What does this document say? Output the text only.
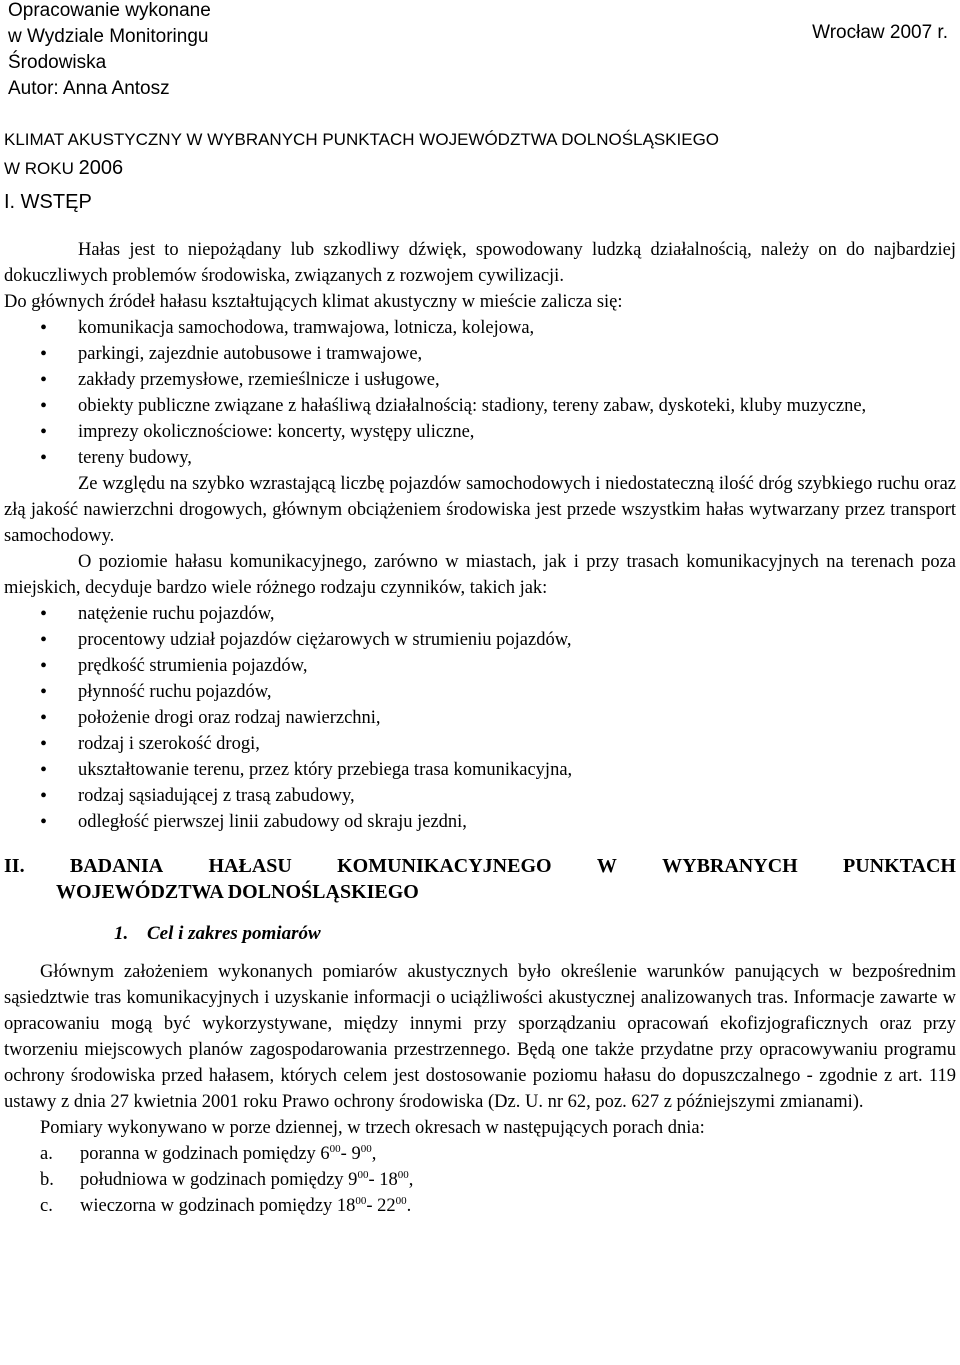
Opracowanie wykonane
w Wydziale Monitoringu
Środowiska
Autor: Anna Antosz
Wrocław 2007 r.
KLIMAT AKUSTYCZNY W WYBRANYCH PUNKTACH WOJEWÓDZTWA DOLNOŚLĄSKIEGO
W ROKU 2006
I. WSTĘP

Hałas jest to niepożądany lub szkodliwy dźwięk, spowodowany ludzką działalnością, należy on do najbardziej dokuczliwych problemów środowiska, związanych z rozwojem cywilizacji.

Do głównych źródeł hałasu kształtujących klimat akustyczny w mieście zalicza się:

• komunikacja samochodowa, tramwajowa, lotnicza, kolejowa,
• parkingi, zajezdnie autobusowe i tramwajowe,
• zakłady przemysłowe, rzemieślnicze i usługowe,
• obiekty publiczne związane z hałaśliwą działalnością: stadiony, tereny zabaw, dyskoteki, kluby muzyczne,
• imprezy okolicznościowe: koncerty, występy uliczne,
• tereny budowy,

Ze względu na szybko wzrastającą liczbę pojazdów samochodowych i niedostateczną ilość dróg szybkiego ruchu oraz złą jakość nawierzchni drogowych, głównym obciążeniem środowiska jest przede wszystkim hałas wytwarzany przez transport samochodowy.

O poziomie hałasu komunikacyjnego, zarówno w miastach, jak i przy trasach komunikacyjnych na terenach poza miejskich, decyduje bardzo wiele różnego rodzaju czynników, takich jak:

• natężenie ruchu pojazdów,
• procentowy udział pojazdów ciężarowych w strumieniu pojazdów,
• prędkość strumienia pojazdów,
• płynność ruchu pojazdów,
• położenie drogi oraz rodzaj nawierzchni,
• rodzaj i szerokość drogi,
• ukształtowanie terenu, przez który przebiega trasa komunikacyjna,
• rodzaj sąsiadującej z trasą zabudowy,
• odległość pierwszej linii zabudowy od skraju jezdni,
II. BADANIA HAŁASU KOMUNIKACYJNEGO W WYBRANYCH PUNKTACH
WOJEWÓDZTWA DOLNOŚLĄSKIEGO
1. Cel i zakres pomiarów

Głównym założeniem wykonanych pomiarów akustycznych było określenie warunków panujących w bezpośrednim sąsiedztwie tras komunikacyjnych i uzyskanie informacji o uciążliwości akustycznej analizowanych tras. Informacje zawarte w opracowaniu mogą być wykorzystywane, między innymi przy sporządzaniu opracowań ekofizjograficznych oraz przy tworzeniu miejscowych planów zagospodarowania przestrzennego. Będą one także przydatne przy opracowywaniu programu ochrony środowiska przed hałasem, których celem jest dostosowanie poziomu hałasu do dopuszczalnego - zgodnie z art. 119 ustawy z dnia 27 kwietnia 2001 roku Prawo ochrony środowiska (Dz. U. nr 62, poz. 627 z późniejszymi zmianami).

Pomiary wykonywano w porze dziennej, w trzech okresach w następujących porach dnia:

a. poranna w godzinach pomiędzy $6^{00}-$ $9^{00}$,
b. południowa w godzinach pomiędzy $9^{00}-$ $18^{00}$,
c. wieczorna w godzinach pomiędzy $18^{00}-$ $22^{00}$.
